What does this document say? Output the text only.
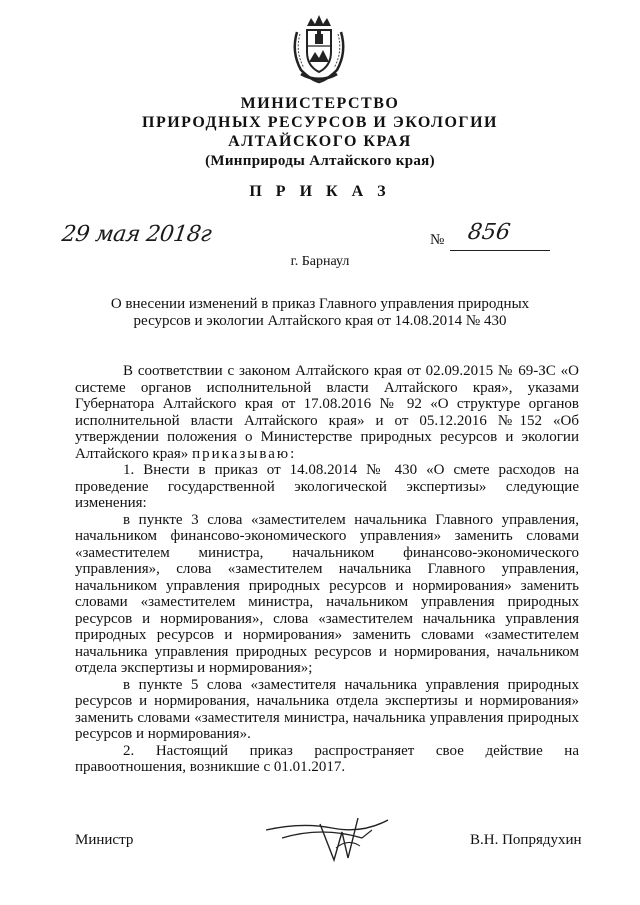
МИНИСТЕРСТВО
ПРИРОДНЫХ РЕСУРСОВ И ЭКОЛОГИИ
АЛТАЙСКОГО КРАЯ
(Минприроды Алтайского края)
П Р И К А З
29 мая 2018г	№ 856
г. Барнаул
О внесении изменений в приказ Главного управления природных ресурсов и экологии Алтайского края от 14.08.2014 № 430

В соответствии с законом Алтайского края от 02.09.2015 № 69-ЗС «О системе органов исполнительной власти Алтайского края», указами Губернатора Алтайского края от 17.08.2016 № 92 «О структуре органов исполнительной власти Алтайского края» и от 05.12.2016 №152 «Об утверждении положения о Министерстве природных ресурсов и экологии Алтайского края» приказываю:

1. Внести в приказ от 14.08.2014 № 430 «О смете расходов на проведение государственной экологической экспертизы» следующие изменения:

в пункте 3 слова «заместителем начальника Главного управления, начальником финансово-экономического управления» заменить словами «заместителем министра, начальником финансово-экономического управления», слова «заместителем начальника Главного управления, начальником управления природных ресурсов и нормирования» заменить словами «заместителем министра, начальником управления природных ресурсов и нормирования», слова «заместителем начальника управления природных ресурсов и нормирования» заменить словами «заместителем начальника управления природных ресурсов и нормирования, начальником отдела экспертизы и нормирования»;

в пункте 5 слова «заместителя начальника управления природных ресурсов и нормирования, начальника отдела экспертизы и нормирования» заменить словами «заместителя министра, начальника управления природных ресурсов и нормирования».

2. Настоящий приказ распространяет свое действие на правоотношения, возникшие с 01.01.2017.

Министр	В.Н. Попрядухин
